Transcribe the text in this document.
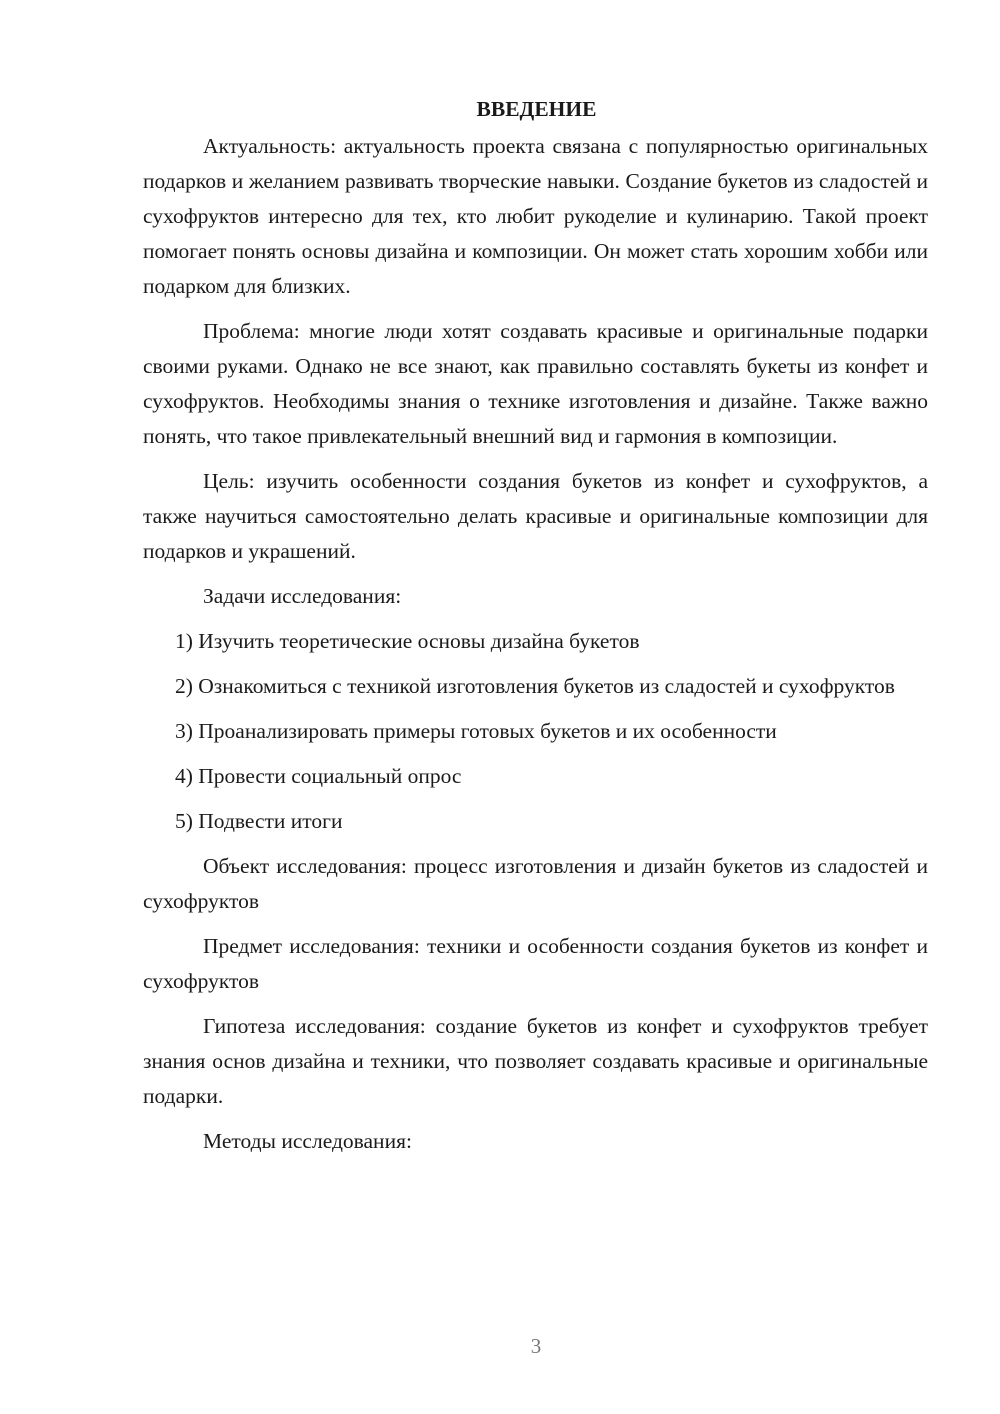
ВВЕДЕНИЕ

Актуальность: актуальность проекта связана с популярностью оригинальных подарков и желанием развивать творческие навыки. Создание букетов из сладостей и сухофруктов интересно для тех, кто любит рукоделие и кулинарию. Такой проект помогает понять основы дизайна и композиции. Он может стать хорошим хобби или подарком для близких.

Проблема: многие люди хотят создавать красивые и оригинальные подарки своими руками. Однако не все знают, как правильно составлять букеты из конфет и сухофруктов. Необходимы знания о технике изготовления и дизайне. Также важно понять, что такое привлекательный внешний вид и гармония в композиции.

Цель: изучить особенности создания букетов из конфет и сухофруктов, а также научиться самостоятельно делать красивые и оригинальные композиции для подарков и украшений.

Задачи исследования:

1) Изучить теоретические основы дизайна букетов

2) Ознакомиться с техникой изготовления букетов из сладостей и сухофруктов

3) Проанализировать примеры готовых букетов и их особенности

4) Провести социальный опрос

5) Подвести итоги

Объект исследования: процесс изготовления и дизайн букетов из сладостей и сухофруктов

Предмет исследования: техники и особенности создания букетов из конфет и сухофруктов

Гипотеза исследования: создание букетов из конфет и сухофруктов требует знания основ дизайна и техники, что позволяет создавать красивые и оригинальные подарки.

Методы исследования:

3
